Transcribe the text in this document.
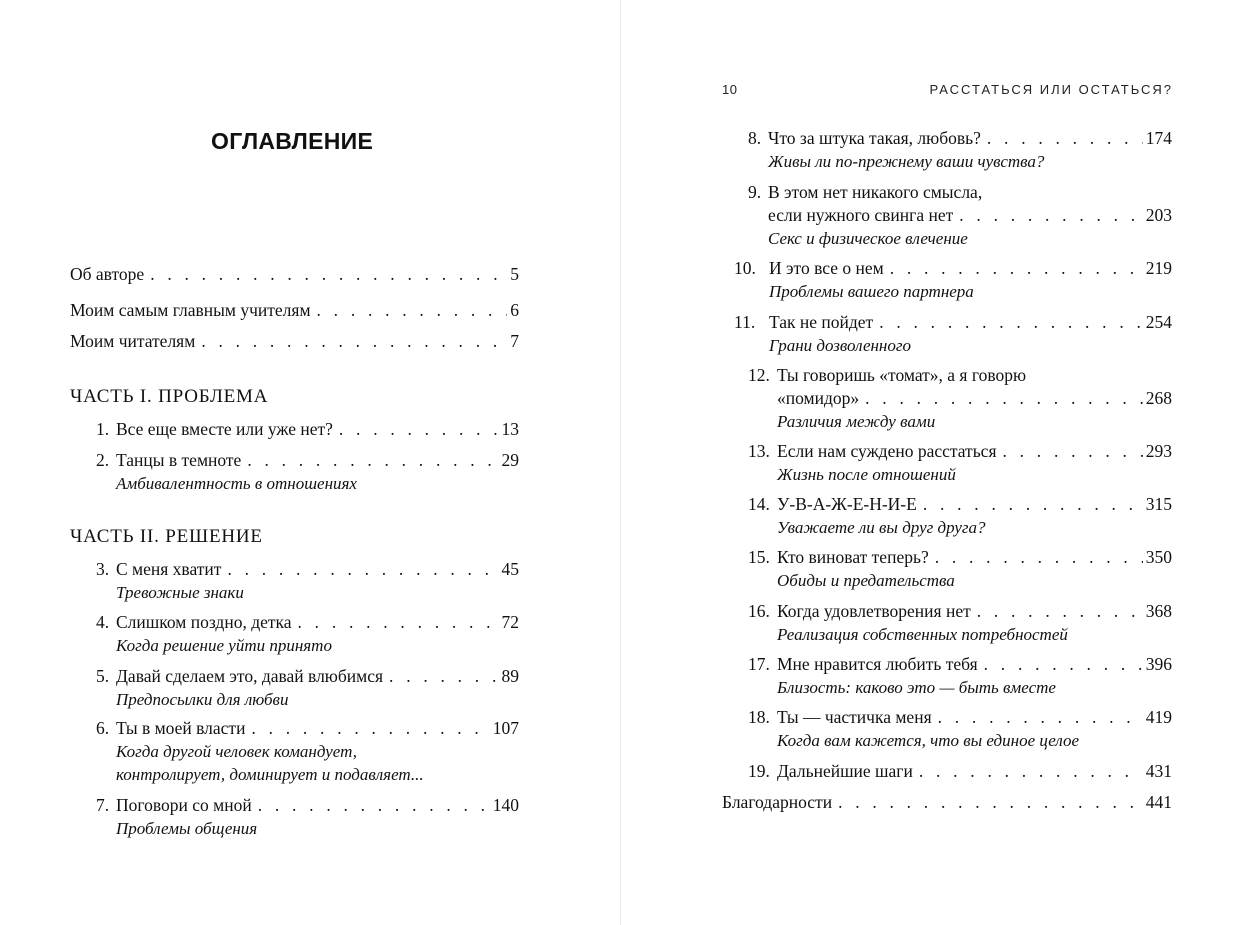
ОГЛАВЛЕНИЕ
Об авторе . . .	5
Моим самым главным учителям . . .	6
Моим читателям . . .	7
ЧАСТЬ I. ПРОБЛЕМА
1. Все еще вместе или уже нет? . . .	13
2. Танцы в темноте . . .	29
Амбивалентность в отношениях
ЧАСТЬ II. РЕШЕНИЕ
3. С меня хватит . . .	45
Тревожные знаки
4. Слишком поздно, детка . . .	72
Когда решение уйти принято
5. Давай сделаем это, давай влюбимся . . .	89
Предпосылки для любви
6. Ты в моей власти . . .	107
Когда другой человек командует,
контролирует, доминирует и подавляет...
7. Поговори со мной . . .	140
Проблемы общения
10	РАССТАТЬСЯ ИЛИ ОСТАТЬСЯ?
8. Что за штука такая, любовь? . . .	174
Живы ли по-прежнему ваши чувства?
9. В этом нет никакого смысла,
если нужного свинга нет . . .	203
Секс и физическое влечение
10. И это все о нем . . .	219
Проблемы вашего партнера
11. Так не пойдет . . .	254
Грани дозволенного
12. Ты говоришь «томат», а я говорю
«помидор» . . .	268
Различия между вами
13. Если нам суждено расстаться . . .	293
Жизнь после отношений
14. У-В-А-Ж-Е-Н-И-Е . . .	315
Уважаете ли вы друг друга?
15. Кто виноват теперь? . . .	350
Обиды и предательства
16. Когда удовлетворения нет . . .	368
Реализация собственных потребностей
17. Мне нравится любить тебя . . .	396
Близость: каково это — быть вместе
18. Ты — частичка меня . . .	419
Когда вам кажется, что вы единое целое
19. Дальнейшие шаги . . .	431
Благодарности . . .	441
